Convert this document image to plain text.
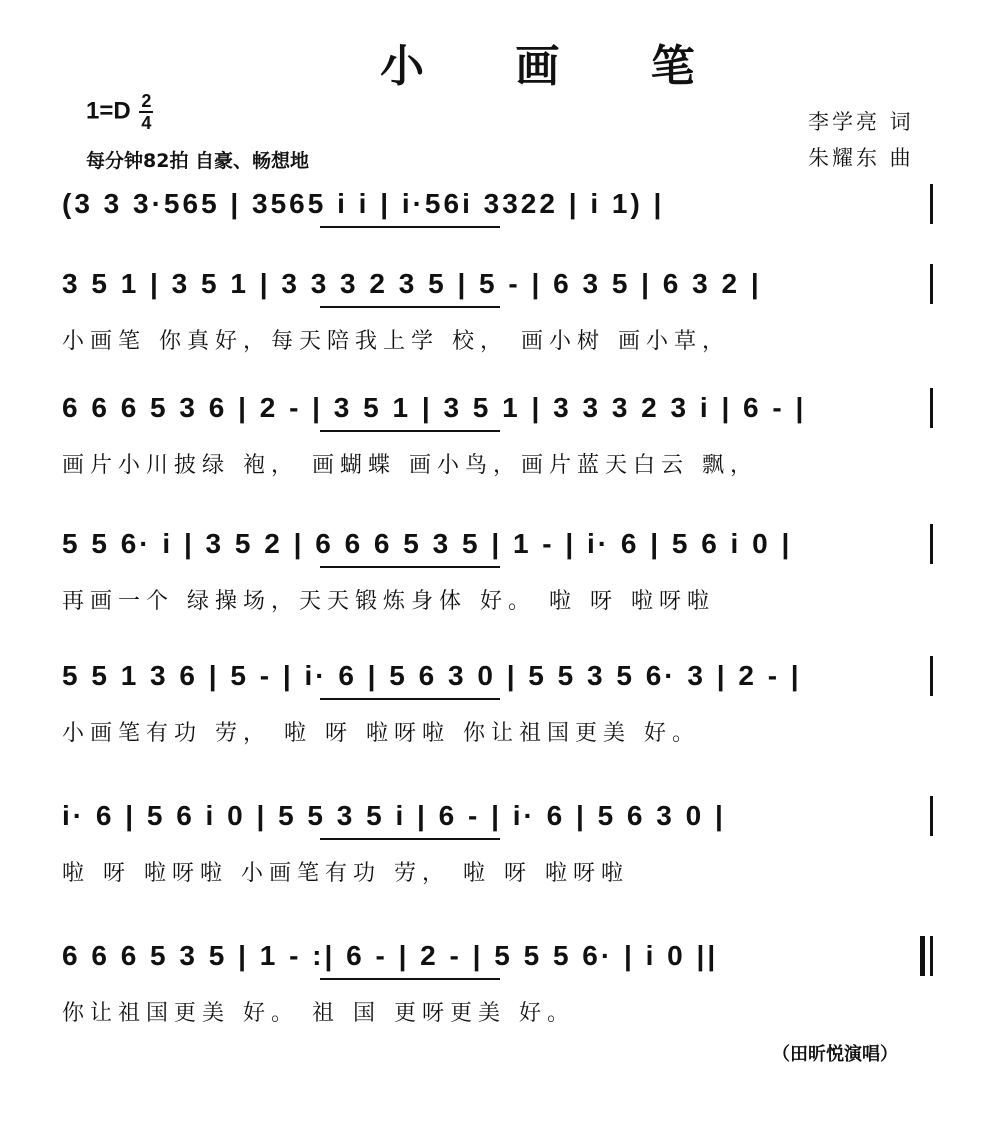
小 画 笔
$1=D \frac{2}{4}$
每分钟82拍 自豪、畅想地
李学亮 词
朱耀东 曲
(3 3 3·565 | 3565 i i | i·56i 3322 | i 1) |
3 5 1 | 3 5 1 | 3 3 3 2 3 5 | 5 - | 6 3 5 | 6 3 2 |
小画笔 你真好，每天陪我上学 校， 画小树 画小草，
6 6 6 5 3 6 | 2 - | 3 5 1 | 3 5 1 | 3 3 3 2 3 i | 6 - |
画片小川披绿 袍， 画蝴蝶 画小鸟，画片蓝天白云 飘，
5 5 6· i | 3 5 2 | 6 6 6 5 3 5 | 1 - | i· 6 | 5 6 i 0 |
再画一个 绿操场，天天锻炼身体 好。 啦 呀 啦呀啦
5 5 1 3 6 | 5 - | i· 6 | 5 6 3 0 | 5 5 3 5 6· 3 | 2 - |
小画笔有功 劳， 啦 呀 啦呀啦 你让祖国更美 好。
i· 6 | 5 6 i 0 | 5 5 3 5 i | 6 - | i· 6 | 5 6 3 0 |
啦 呀 啦呀啦 小画笔有功 劳， 啦 呀 啦呀啦
6 6 6 5 3 5 | 1 - :| 6 - | 2 - | 5 5 5 6· | i 0 ||
你让祖国更美 好。 祖 国 更呀更美 好。
（田昕悦演唱）
